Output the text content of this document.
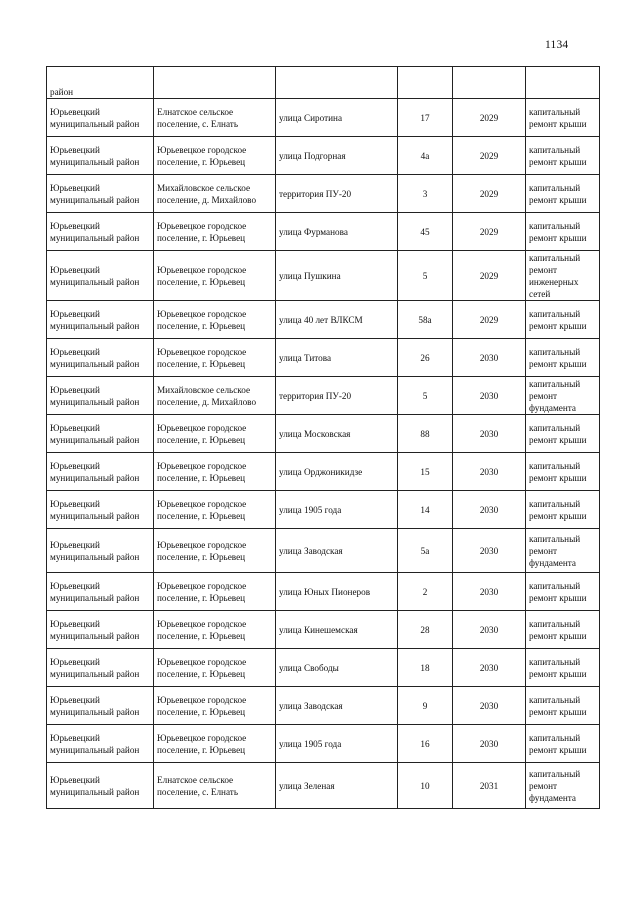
1134
район					
Юрьевецкий муниципальный район	Елнатское сельское поселение, с. Елнать	улица Сиротина	17	2029	капитальный ремонт крыши
Юрьевецкий муниципальный район	Юрьевецкое городское поселение, г. Юрьевец	улица Подгорная	4а	2029	капитальный ремонт крыши
Юрьевецкий муниципальный район	Михайловское сельское поселение, д. Михайлово	территория ПУ-20	3	2029	капитальный ремонт крыши
Юрьевецкий муниципальный район	Юрьевецкое городское поселение, г. Юрьевец	улица Фурманова	45	2029	капитальный ремонт крыши
Юрьевецкий муниципальный район	Юрьевецкое городское поселение, г. Юрьевец	улица Пушкина	5	2029	капитальный ремонт инженерных сетей
Юрьевецкий муниципальный район	Юрьевецкое городское поселение, г. Юрьевец	улица 40 лет ВЛКСМ	58а	2029	капитальный ремонт крыши
Юрьевецкий муниципальный район	Юрьевецкое городское поселение, г. Юрьевец	улица Титова	26	2030	капитальный ремонт крыши
Юрьевецкий муниципальный район	Михайловское сельское поселение, д. Михайлово	территория ПУ-20	5	2030	капитальный ремонт фундамента
Юрьевецкий муниципальный район	Юрьевецкое городское поселение, г. Юрьевец	улица Московская	88	2030	капитальный ремонт крыши
Юрьевецкий муниципальный район	Юрьевецкое городское поселение, г. Юрьевец	улица Орджоникидзе	15	2030	капитальный ремонт крыши
Юрьевецкий муниципальный район	Юрьевецкое городское поселение, г. Юрьевец	улица 1905 года	14	2030	капитальный ремонт крыши
Юрьевецкий муниципальный район	Юрьевецкое городское поселение, г. Юрьевец	улица Заводская	5а	2030	капитальный ремонт фундамента
Юрьевецкий муниципальный район	Юрьевецкое городское поселение, г. Юрьевец	улица Юных Пионеров	2	2030	капитальный ремонт крыши
Юрьевецкий муниципальный район	Юрьевецкое городское поселение, г. Юрьевец	улица Кинешемская	28	2030	капитальный ремонт крыши
Юрьевецкий муниципальный район	Юрьевецкое городское поселение, г. Юрьевец	улица Свободы	18	2030	капитальный ремонт крыши
Юрьевецкий муниципальный район	Юрьевецкое городское поселение, г. Юрьевец	улица Заводская	9	2030	капитальный ремонт крыши
Юрьевецкий муниципальный район	Юрьевецкое городское поселение, г. Юрьевец	улица 1905 года	16	2030	капитальный ремонт крыши
Юрьевецкий муниципальный район	Елнатское сельское поселение, с. Елнать	улица Зеленая	10	2031	капитальный ремонт фундамента
